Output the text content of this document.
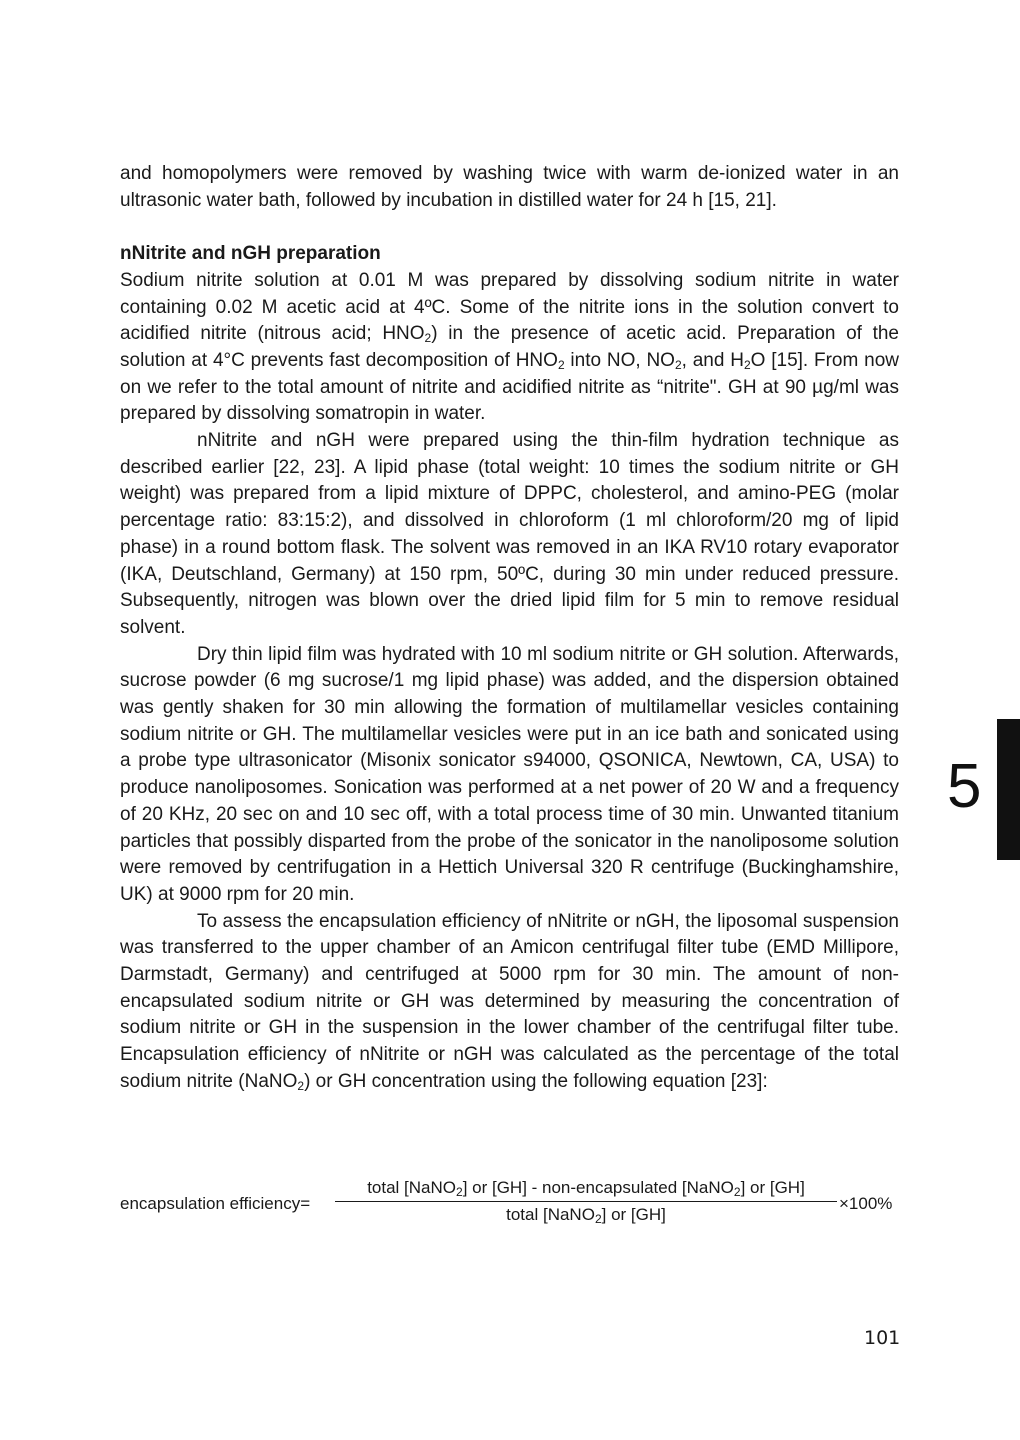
and homopolymers were removed by washing twice with warm de-ionized water in an ultrasonic water bath, followed by incubation in distilled water for 24 h [15, 21].

nNitrite and nGH preparation

Sodium nitrite solution at 0.01 M was prepared by dissolving sodium nitrite in water containing 0.02 M acetic acid at 4ºC. Some of the nitrite ions in the solution convert to acidified nitrite (nitrous acid; $HNO_2$) in the presence of acetic acid. Preparation of the solution at 4°C prevents fast decomposition of $HNO_2$ into NO, $NO_2$, and $H_2O$ [15]. From now on we refer to the total amount of nitrite and acidified nitrite as “nitrite". GH at 90 µg/ml was prepared by dissolving somatropin in water.

nNitrite and nGH were prepared using the thin-film hydration technique as described earlier [22, 23]. A lipid phase (total weight: 10 times the sodium nitrite or GH weight) was prepared from a lipid mixture of DPPC, cholesterol, and amino-PEG (molar percentage ratio: 83:15:2), and dissolved in chloroform (1 ml chloroform/20 mg of lipid phase) in a round bottom flask. The solvent was removed in an IKA RV10 rotary evaporator (IKA, Deutschland, Germany) at 150 rpm, 50ºC, during 30 min under reduced pressure. Subsequently, nitrogen was blown over the dried lipid film for 5 min to remove residual solvent.

Dry thin lipid film was hydrated with 10 ml sodium nitrite or GH solution. Afterwards, sucrose powder (6 mg sucrose/1 mg lipid phase) was added, and the dispersion obtained was gently shaken for 30 min allowing the formation of multilamellar vesicles containing sodium nitrite or GH. The multilamellar vesicles were put in an ice bath and sonicated using a probe type ultrasonicator (Misonix sonicator s94000, QSONICA, Newtown, CA, USA) to produce nanoliposomes. Sonication was performed at a net power of 20 W and a frequency of 20 KHz, 20 sec on and 10 sec off, with a total process time of 30 min. Unwanted titanium particles that possibly disparted from the probe of the sonicator in the nanoliposome solution were removed by centrifugation in a Hettich Universal 320 R centrifuge (Buckinghamshire, UK) at 9000 rpm for 20 min.

To assess the encapsulation efficiency of nNitrite or nGH, the liposomal suspension was transferred to the upper chamber of an Amicon centrifugal filter tube (EMD Millipore, Darmstadt, Germany) and centrifuged at 5000 rpm for 30 min. The amount of non-encapsulated sodium nitrite or GH was determined by measuring the concentration of sodium nitrite or GH in the suspension in the lower chamber of the centrifugal filter tube. Encapsulation efficiency of nNitrite or nGH was calculated as the percentage of the total sodium nitrite (NaNO$_2$) or GH concentration using the following equation [23]:

encapsulation efficiency=
total [NaNO$_2$] or [GH] - non-encapsulated [NaNO$_2$] or [GH]
total [NaNO$_2$] or [GH]
×100%
5
101
